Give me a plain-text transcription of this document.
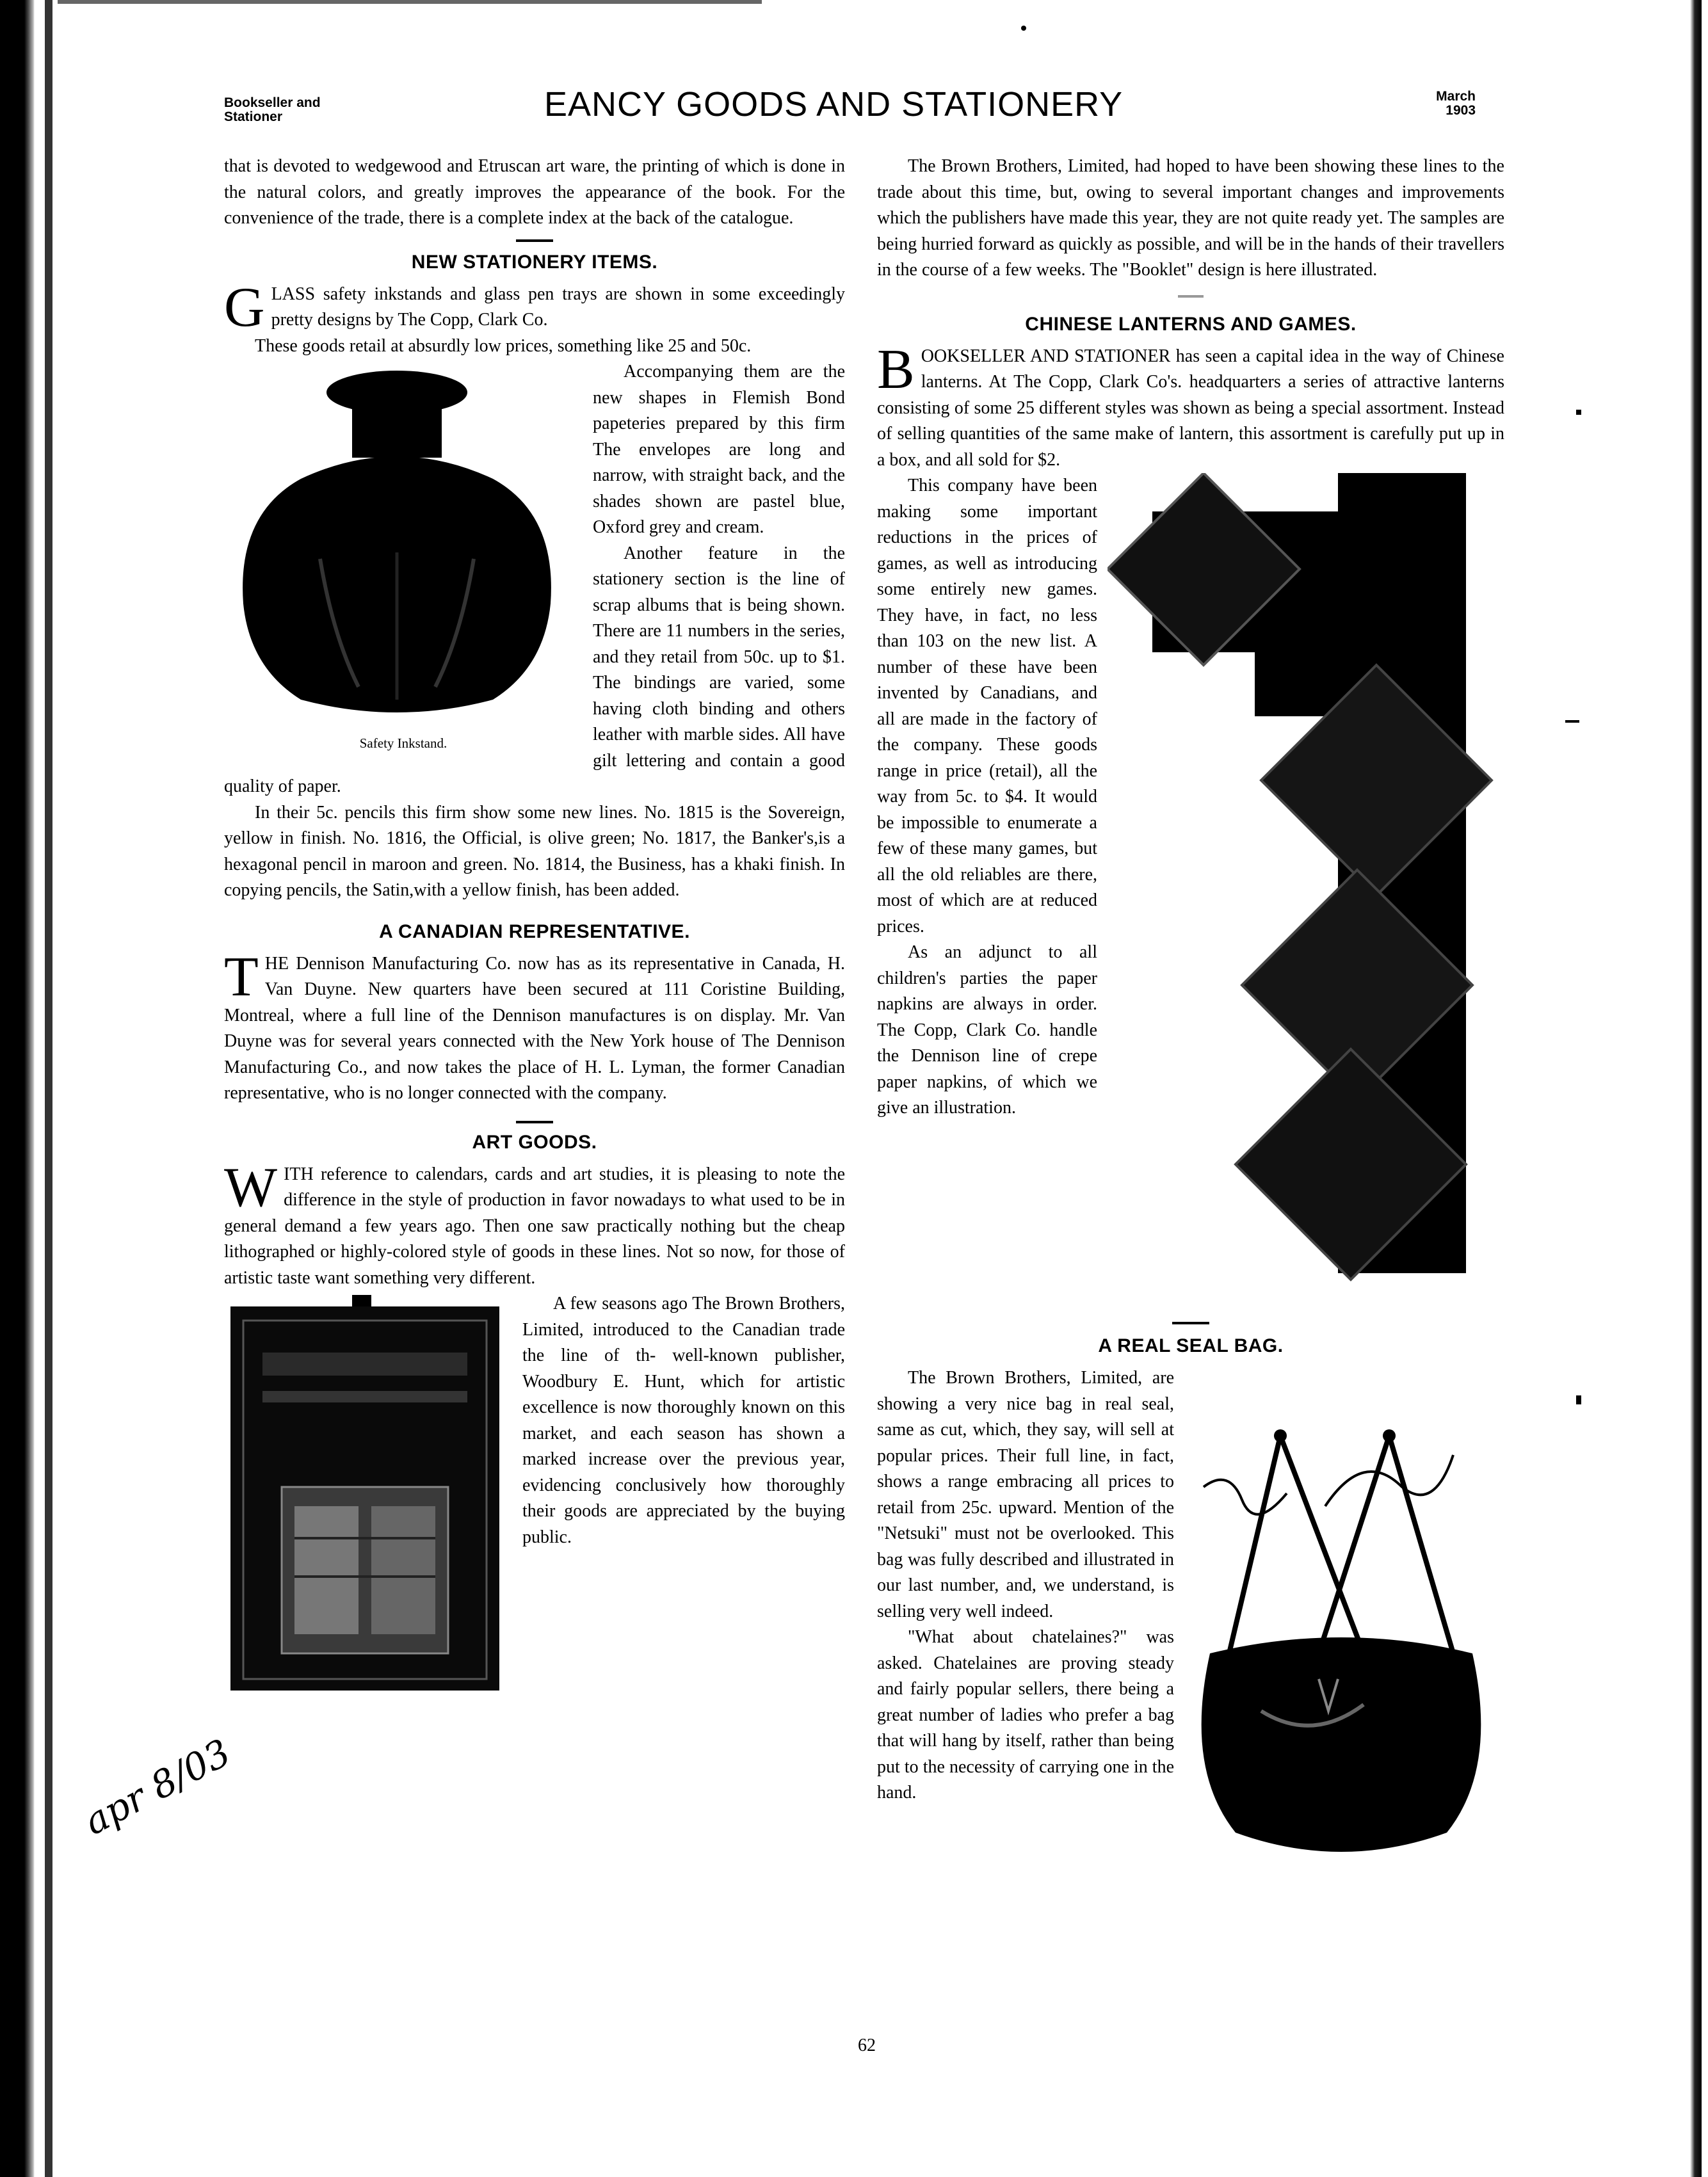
Bookseller and
Stationer	EANCY GOODS AND STATIONERY	March
1903

that is devoted to wedgewood and Etruscan art ware, the printing of which is done in the natural colors, and greatly improves the appearance of the book. For the convenience of the trade, there is a complete index at the back of the catalogue.

NEW STATIONERY ITEMS.

GLASS safety inkstands and glass pen trays are shown in some exceedingly pretty designs by The Copp, Clark Co.

These goods retail at absurdly low prices, something like 25 and 50c.

Safety Inkstand.

Accompanying them are the new shapes in Flemish Bond papeteries prepared by this firm The envelopes are long and narrow, with straight back, and the shades shown are pastel blue, Oxford grey and cream.

Another feature in the stationery section is the line of scrap albums that is being shown. There are 11 numbers in the series, and they retail from 50c. up to $1. The bindings are varied, some having cloth binding and others leather with marble sides. All have gilt lettering and contain a good quality of paper.

In their 5c. pencils this firm show some new lines. No. 1815 is the Sovereign, yellow in finish. No. 1816, the Official, is olive green; No. 1817, the Banker's,is a hexagonal pencil in maroon and green. No. 1814, the Business, has a khaki finish. In copying pencils, the Satin,with a yellow finish, has been added.

A CANADIAN REPRESENTATIVE.

THE Dennison Manufacturing Co. now has as its representative in Canada, H. Van Duyne. New quarters have been secured at 111 Coristine Building, Montreal, where a full line of the Dennison manufactures is on display. Mr. Van Duyne was for several years connected with the New York house of The Dennison Manufacturing Co., and now takes the place of H. L. Lyman, the former Canadian representative, who is no longer connected with the company.

ART GOODS.

WITH reference to calendars, cards and art studies, it is pleasing to note the difference in the style of production in favor nowadays to what used to be in general demand a few years ago. Then one saw practically nothing but the cheap lithographed or highly-colored style of goods in these lines. Not so now, for those of artistic taste want something very different.

A few seasons ago The Brown Brothers, Limited, introduced to the Canadian trade the line of th- well-known publisher, Woodbury E. Hunt, which for artistic excellence is now thoroughly known on this market, and each season has shown a marked increase over the previous year, evidencing conclusively how thoroughly their goods are appreciated by the buying public.

The Brown Brothers, Limited, had hoped to have been showing these lines to the trade about this time, but, owing to several important changes and improvements which the publishers have made this year, they are not quite ready yet. The samples are being hurried forward as quickly as possible, and will be in the hands of their travellers in the course of a few weeks. The "Booklet" design is here illustrated.

CHINESE LANTERNS AND GAMES.

BOOKSELLER AND STATIONER has seen a capital idea in the way of Chinese lanterns. At The Copp, Clark Co's. headquarters a series of attractive lanterns consisting of some 25 different styles was shown as being a special assortment. Instead of selling quantities of the same make of lantern, this assortment is carefully put up in a box, and all sold for $2.

This company have been making some important reductions in the prices of games, as well as introducing some entirely new games. They have, in fact, no less than 103 on the new list. A number of these have been invented by Canadians, and all are made in the factory of the company. These goods range in price (retail), all the way from 5c. to $4. It would be impossible to enumerate a few of these many games, but all the old reliables are there, most of which are at reduced prices.

As an adjunct to all children's parties the paper napkins are always in order. The Copp, Clark Co. handle the Dennison line of crepe paper napkins, of which we give an illustration.

A REAL SEAL BAG.

The Brown Brothers, Limited, are showing a very nice bag in real seal, same as cut, which, they say, will sell at popular prices. Their full line, in fact, shows a range embracing all prices to retail from 25c. upward. Mention of the "Netsuki" must not be overlooked. This bag was fully described and illustrated in our last number, and, we understand, is selling very well indeed.

"What about chatelaines?" was asked. Chatelaines are proving steady and fairly popular sellers, there being a great number of ladies who prefer a bag that will hang by itself, rather than being put to the necessity of carrying one in the hand.

apr 8/03
62
